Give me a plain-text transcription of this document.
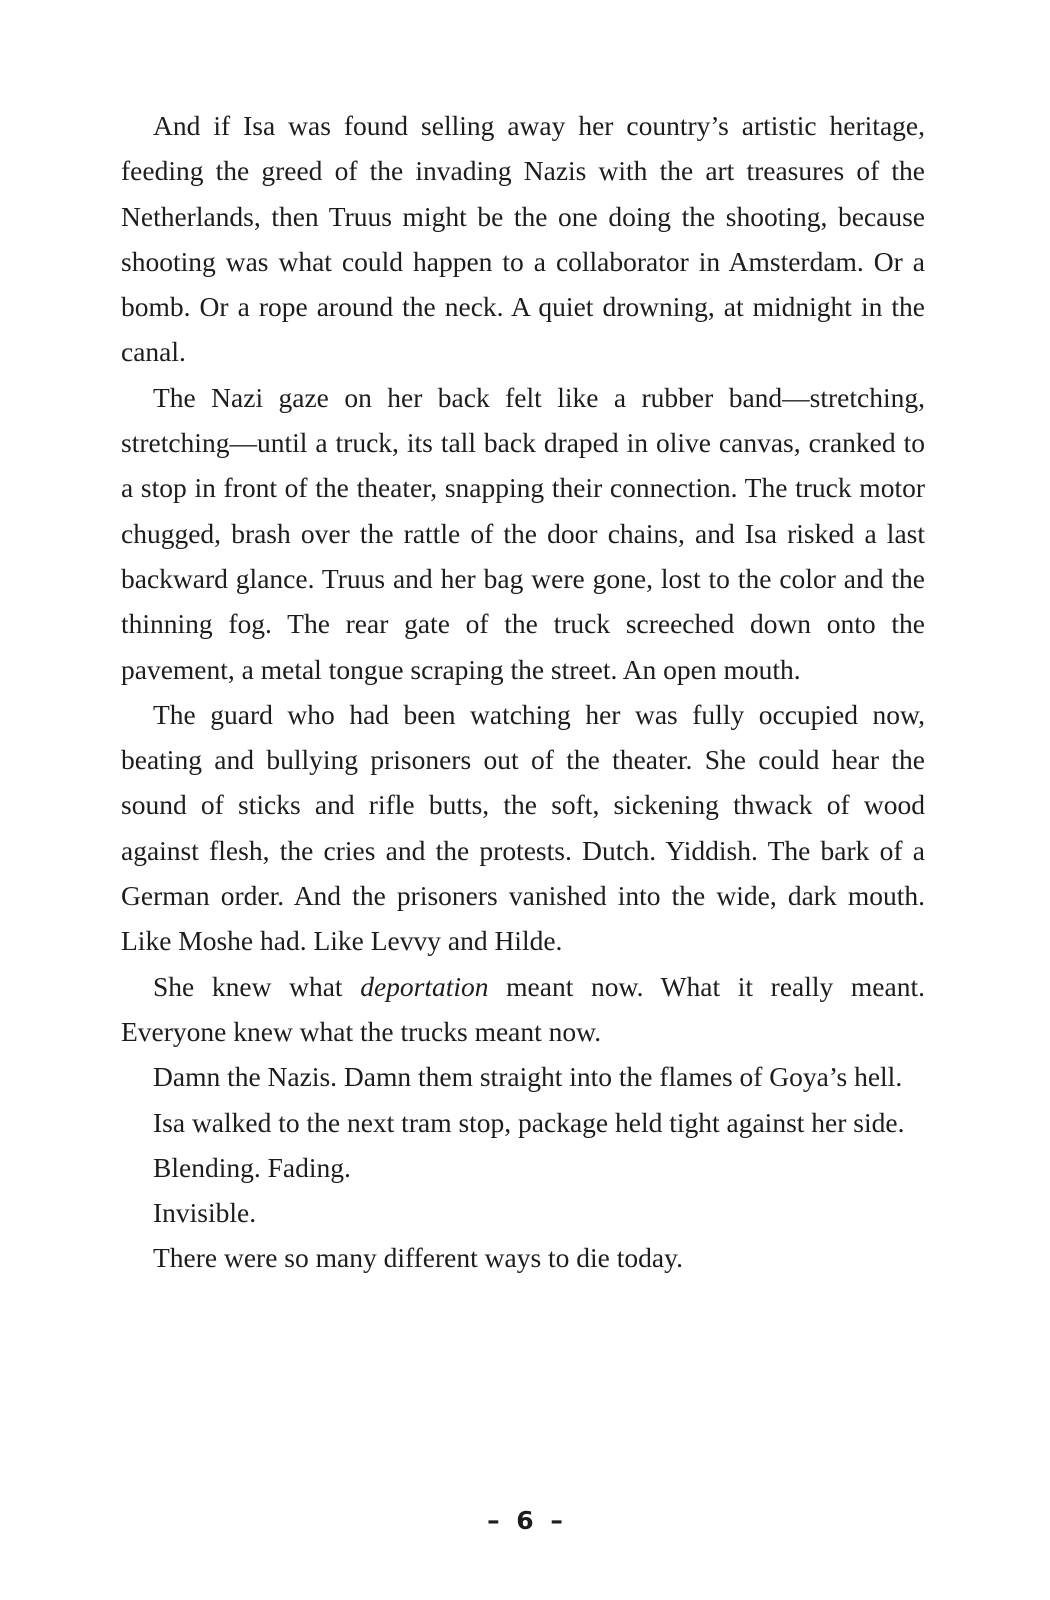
And if Isa was found selling away her country’s artistic heritage, feeding the greed of the invading Nazis with the art treasures of the Netherlands, then Truus might be the one doing the shooting, because shooting was what could happen to a collaborator in Amsterdam. Or a bomb. Or a rope around the neck. A quiet drowning, at midnight in the canal.

The Nazi gaze on her back felt like a rubber band—stretching, stretching—until a truck, its tall back draped in olive canvas, cranked to a stop in front of the theater, snapping their connection. The truck motor chugged, brash over the rattle of the door chains, and Isa risked a last backward glance. Truus and her bag were gone, lost to the color and the thinning fog. The rear gate of the truck screeched down onto the pavement, a metal tongue scraping the street. An open mouth.

The guard who had been watching her was fully occupied now, beating and bullying prisoners out of the theater. She could hear the sound of sticks and rifle butts, the soft, sickening thwack of wood against flesh, the cries and the protests. Dutch. Yiddish. The bark of a German order. And the prisoners vanished into the wide, dark mouth. Like Moshe had. Like Levvy and Hilde.

She knew what deportation meant now. What it really meant. Everyone knew what the trucks meant now.

Damn the Nazis. Damn them straight into the flames of Goya’s hell.

Isa walked to the next tram stop, package held tight against her side.

Blending. Fading.

Invisible.

There were so many different ways to die today.

– 6 –
